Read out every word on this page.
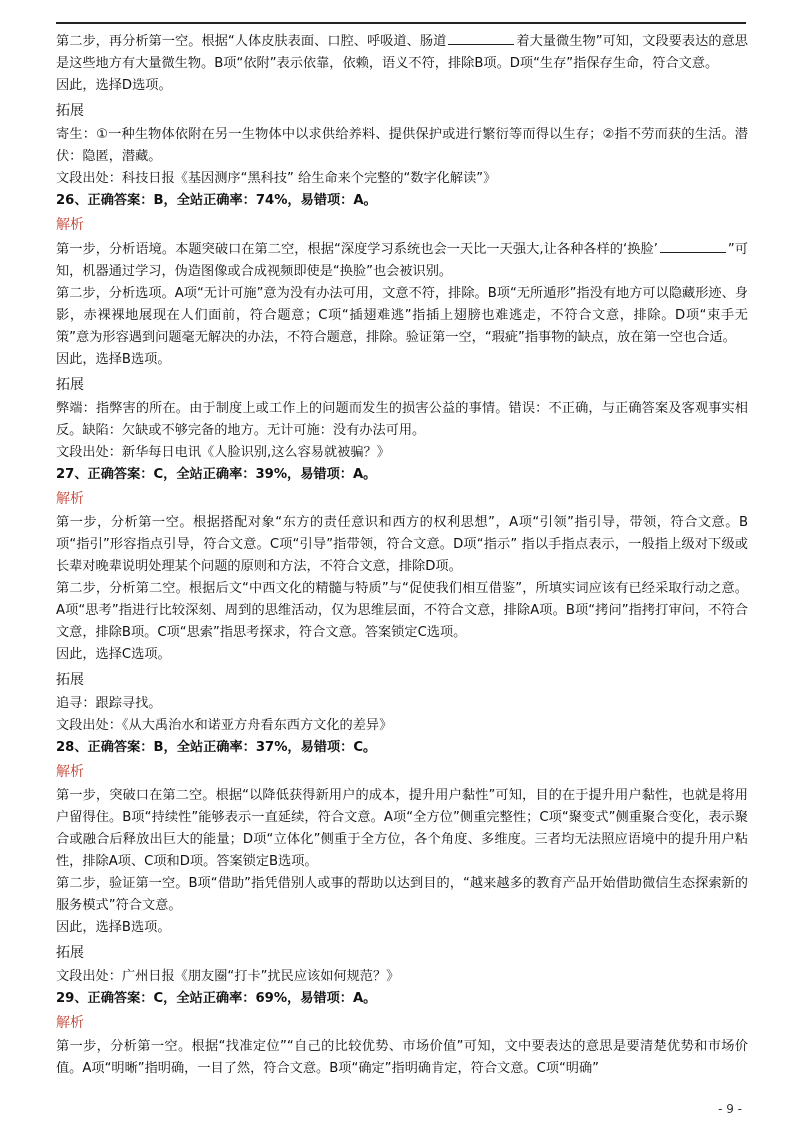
第二步，再分析第一空。根据“人体皮肤表面、口腔、呼吸道、肠道	着大量微生物”可知，文段要表达的意思是这些地方有大量微生物。B项“依附”表示依靠，依赖，语义不符，排除B项。D项“生存”指保存生命，符合文意。

因此，选择D选项。

拓展

寄生：①一种生物体依附在另一生物体中以求供给养料、提供保护或进行繁衍等而得以生存；②指不劳而获的生活。潜伏：隐匿，潜藏。

文段出处：科技日报《基因测序“黑科技” 给生命来个完整的“数字化解读”》

26、正确答案：B，全站正确率：74%，易错项：A。

解析

第一步，分析语境。本题突破口在第二空，根据“深度学习系统也会一天比一天强大,让各种各样的‘换脸’	”可知，机器通过学习，伪造图像或合成视频即使是“换脸”也会被识别。

第二步，分析选项。A项“无计可施”意为没有办法可用，文意不符，排除。B项“无所遁形”指没有地方可以隐藏形迹、身影，赤裸裸地展现在人们面前，符合题意；C项“插翅难逃”指插上翅膀也难逃走，不符合文意，排除。D项“束手无策”意为形容遇到问题毫无解决的办法，不符合题意，排除。验证第一空，“瑕疵”指事物的缺点，放在第一空也合适。

因此，选择B选项。

拓展

弊端：指弊害的所在。由于制度上或工作上的问题而发生的损害公益的事情。错误：不正确，与正确答案及客观事实相反。缺陷：欠缺或不够完备的地方。无计可施：没有办法可用。

文段出处：新华每日电讯《人脸识别,这么容易就被骗？》

27、正确答案：C，全站正确率：39%，易错项：A。

解析

第一步，分析第一空。根据搭配对象“东方的责任意识和西方的权利思想”，A项“引领”指引导，带领，符合文意。B项“指引”形容指点引导，符合文意。C项“引导”指带领，符合文意。D项“指示” 指以手指点表示，一般指上级对下级或长辈对晚辈说明处理某个问题的原则和方法，不符合文意，排除D项。

第二步，分析第二空。根据后文“中西文化的精髓与特质”与“促使我们相互借鉴”，所填实词应该有已经采取行动之意。A项“思考”指进行比较深刻、周到的思维活动，仅为思维层面，不符合文意，排除A项。B项“拷问”指拷打审问，不符合文意，排除B项。C项“思索”指思考探求，符合文意。答案锁定C选项。

因此，选择C选项。

拓展

追寻：跟踪寻找。

文段出处：《从大禹治水和诺亚方舟看东西方文化的差异》

28、正确答案：B，全站正确率：37%，易错项：C。

解析

第一步，突破口在第二空。根据“以降低获得新用户的成本，提升用户黏性”可知，目的在于提升用户黏性，也就是将用户留得住。B项“持续性”能够表示一直延续，符合文意。A项“全方位”侧重完整性；C项“聚变式”侧重聚合变化，表示聚合或融合后释放出巨大的能量；D项“立体化”侧重于全方位，各个角度、多维度。三者均无法照应语境中的提升用户粘性，排除A项、C项和D项。答案锁定B选项。

第二步，验证第一空。B项“借助”指凭借别人或事的帮助以达到目的，“越来越多的教育产品开始借助微信生态探索新的服务模式”符合文意。

因此，选择B选项。

拓展

文段出处：广州日报《朋友圈“打卡”扰民应该如何规范？》

29、正确答案：C，全站正确率：69%，易错项：A。

解析

第一步，分析第一空。根据“找准定位”“自己的比较优势、市场价值”可知，文中要表达的意思是要清楚优势和市场价值。A项“明晰”指明确，一目了然，符合文意。B项“确定”指明确肯定，符合文意。C项“明确”

- 9 -
